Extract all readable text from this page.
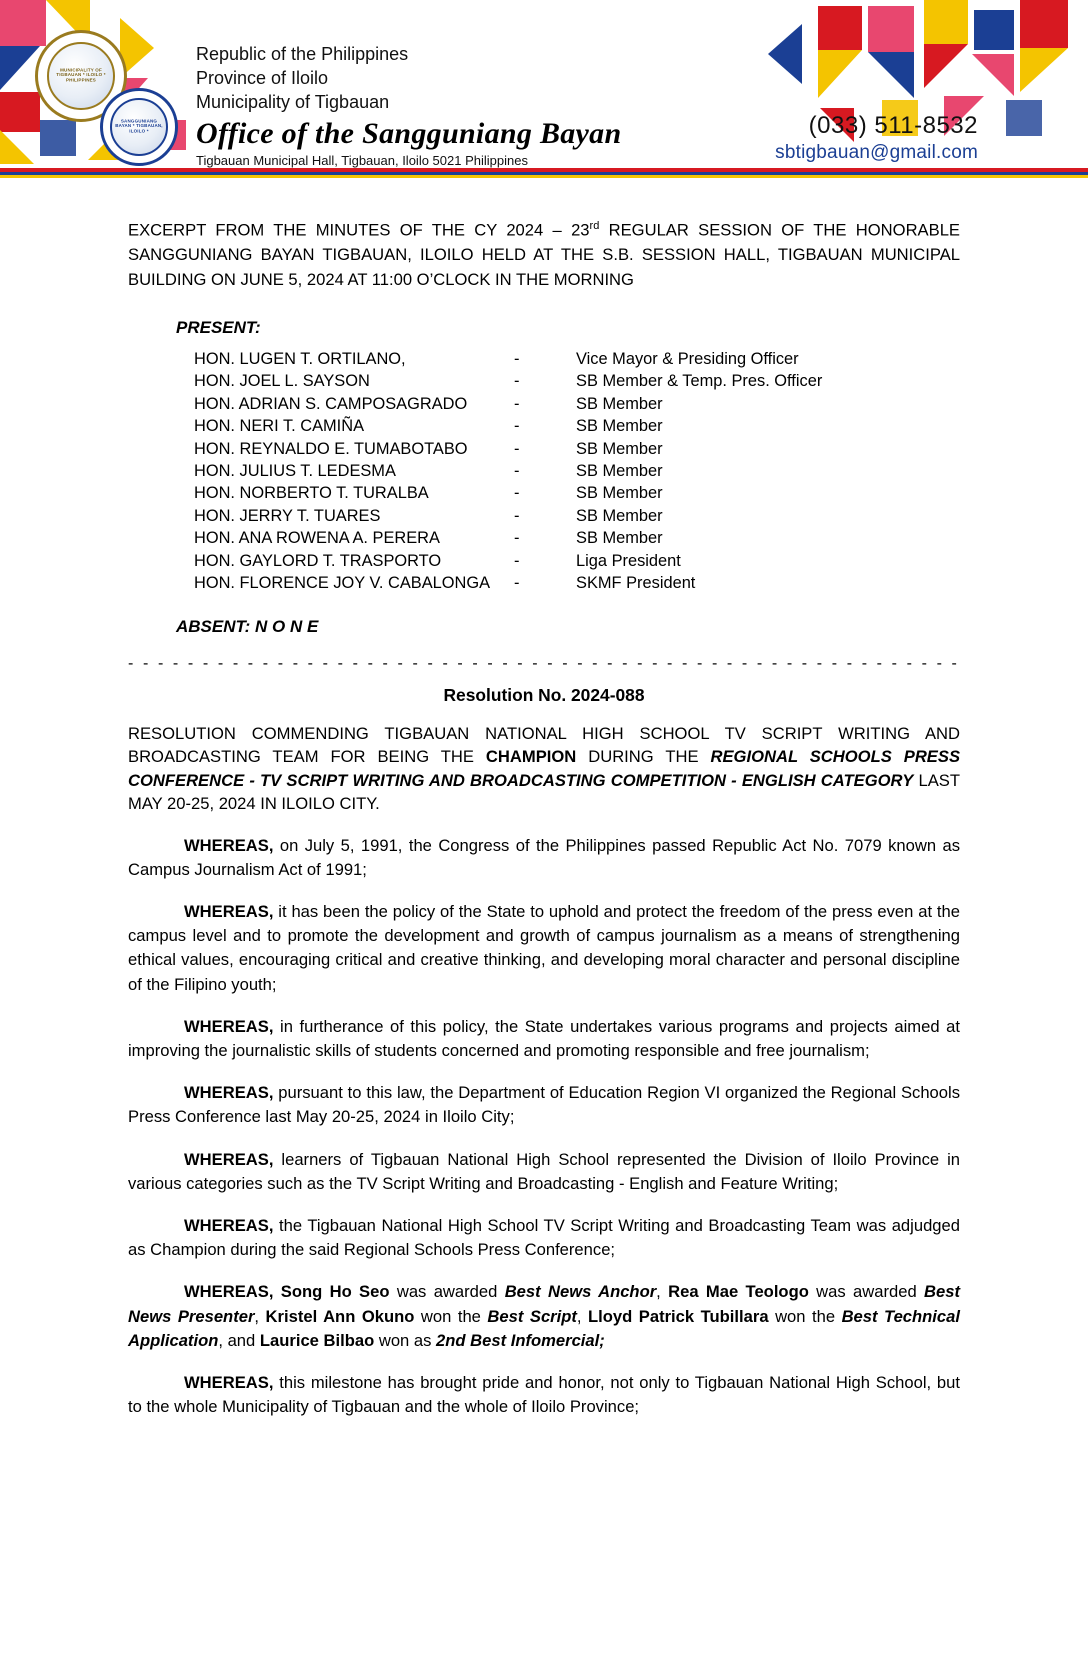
MUNICIPALITY OF TIGBAUAN * ILOILO * PHILIPPINES
SANGGUNIANG BAYAN * TIGBAUAN, ILOILO *
Republic of the Philippines
Province of Iloilo
Municipality of Tigbauan
Office of the Sangguniang Bayan
Tigbauan Municipal Hall, Tigbauan, Iloilo 5021 Philippines
(033) 511-8532
sbtigbauan@gmail.com
EXCERPT FROM THE MINUTES OF THE CY 2024 – 23rd REGULAR SESSION OF THE HONORABLE SANGGUNIANG BAYAN TIGBAUAN, ILOILO HELD AT THE S.B. SESSION HALL, TIGBAUAN MUNICIPAL BUILDING ON JUNE 5, 2024 AT 11:00 O’CLOCK IN THE MORNING
PRESENT:
HON. LUGEN T. ORTILANO,	-	Vice Mayor & Presiding Officer
HON. JOEL L. SAYSON	-	SB Member & Temp. Pres. Officer
HON. ADRIAN S. CAMPOSAGRADO	-	SB Member
HON. NERI T. CAMIÑA	-	SB Member
HON. REYNALDO E. TUMABOTABO	-	SB Member
HON. JULIUS T. LEDESMA	-	SB Member
HON. NORBERTO T. TURALBA	-	SB Member
HON. JERRY T. TUARES	-	SB Member
HON. ANA ROWENA A. PERERA	-	SB Member
HON. GAYLORD T. TRASPORTO	-	Liga President
HON. FLORENCE JOY V. CABALONGA	-	SKMF President
ABSENT: N O N E
- - - - - - - - - - - - - - - - - - - - - - - - - - - - - - - - - - - - - - - - - - - - - - - - - - - - - - - -
Resolution No. 2024-088
RESOLUTION COMMENDING TIGBAUAN NATIONAL HIGH SCHOOL TV SCRIPT WRITING AND BROADCASTING TEAM FOR BEING THE CHAMPION DURING THE REGIONAL SCHOOLS PRESS CONFERENCE - TV SCRIPT WRITING AND BROADCASTING COMPETITION - ENGLISH CATEGORY LAST MAY 20-25, 2024 IN ILOILO CITY.
WHEREAS, on July 5, 1991, the Congress of the Philippines passed Republic Act No. 7079 known as Campus Journalism Act of 1991;
WHEREAS, it has been the policy of the State to uphold and protect the freedom of the press even at the campus level and to promote the development and growth of campus journalism as a means of strengthening ethical values, encouraging critical and creative thinking, and developing moral character and personal discipline of the Filipino youth;
WHEREAS, in furtherance of this policy, the State undertakes various programs and projects aimed at improving the journalistic skills of students concerned and promoting responsible and free journalism;
WHEREAS, pursuant to this law, the Department of Education Region VI organized the Regional Schools Press Conference last May 20-25, 2024 in Iloilo City;
WHEREAS, learners of Tigbauan National High School represented the Division of Iloilo Province in various categories such as the TV Script Writing and Broadcasting - English and Feature Writing;
WHEREAS, the Tigbauan National High School TV Script Writing and Broadcasting Team was adjudged as Champion during the said Regional Schools Press Conference;
WHEREAS, Song Ho Seo was awarded Best News Anchor, Rea Mae Teologo was awarded Best News Presenter, Kristel Ann Okuno won the Best Script, Lloyd Patrick Tubillara won the Best Technical Application, and Laurice Bilbao won as 2nd Best Infomercial;
WHEREAS, this milestone has brought pride and honor, not only to Tigbauan National High School, but to the whole Municipality of Tigbauan and the whole of Iloilo Province;
